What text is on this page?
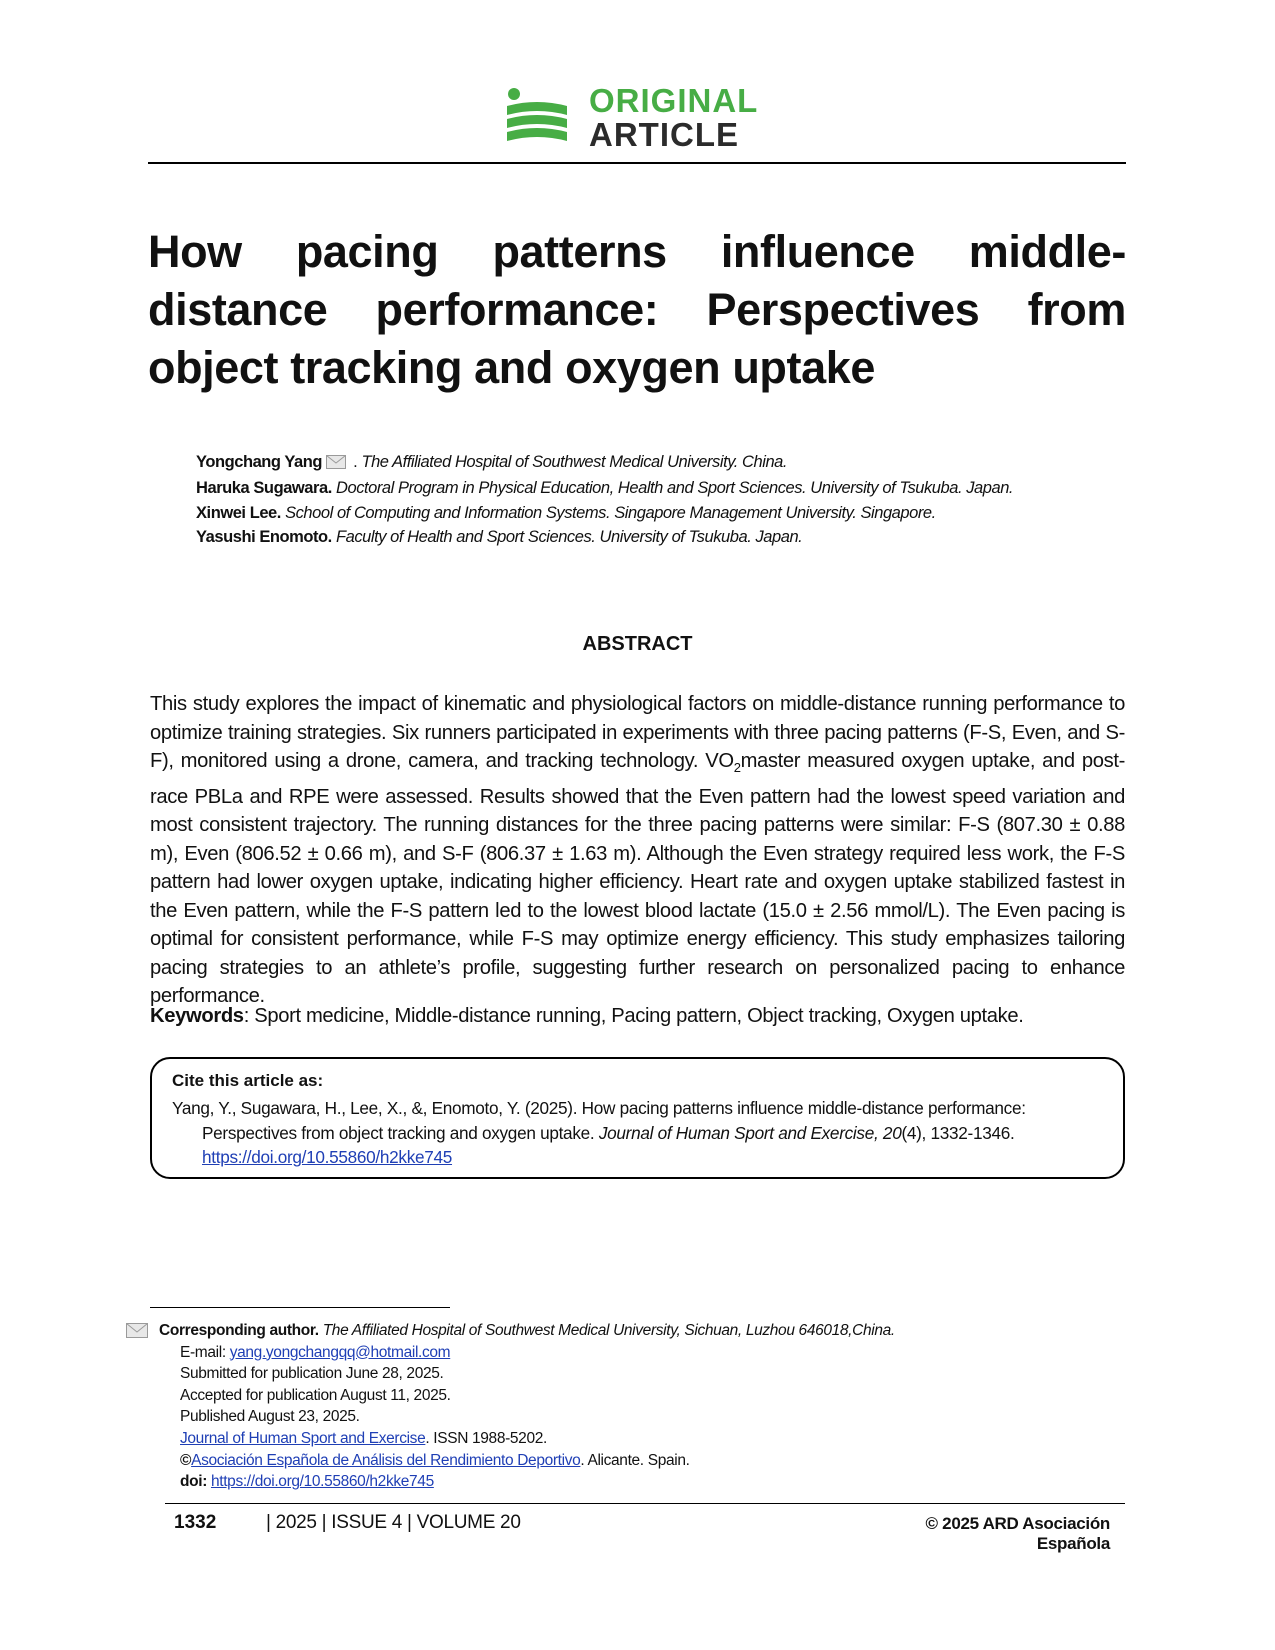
ORIGINAL
ARTICLE
How pacing patterns influence middle-distance performance: Perspectives from object tracking and oxygen uptake
Yongchang Yang . The Affiliated Hospital of Southwest Medical University. China.
Haruka Sugawara. Doctoral Program in Physical Education, Health and Sport Sciences. University of Tsukuba. Japan.
Xinwei Lee. School of Computing and Information Systems. Singapore Management University. Singapore.
Yasushi Enomoto. Faculty of Health and Sport Sciences. University of Tsukuba. Japan.
ABSTRACT
This study explores the impact of kinematic and physiological factors on middle-distance running performance to optimize training strategies. Six runners participated in experiments with three pacing patterns (F-S, Even, and S-F), monitored using a drone, camera, and tracking technology. $VO_2master$ measured oxygen uptake, and post-race PBLa and RPE were assessed. Results showed that the Even pattern had the lowest speed variation and most consistent trajectory. The running distances for the three pacing patterns were similar: F-S (807.30 ± 0.88 m), Even (806.52 ± 0.66 m), and S-F (806.37 ± 1.63 m). Although the Even strategy required less work, the F-S pattern had lower oxygen uptake, indicating higher efficiency. Heart rate and oxygen uptake stabilized fastest in the Even pattern, while the F-S pattern led to the lowest blood lactate (15.0 ± 2.56 mmol/L). The Even pacing is optimal for consistent performance, while F-S may optimize energy efficiency. This study emphasizes tailoring pacing strategies to an athlete’s profile, suggesting further research on personalized pacing to enhance performance.
Keywords: Sport medicine, Middle-distance running, Pacing pattern, Object tracking, Oxygen uptake.
Cite this article as:
Yang, Y., Sugawara, H., Lee, X., &, Enomoto, Y. (2025). How pacing patterns influence middle-distance performance:
Perspectives from object tracking and oxygen uptake. Journal of Human Sport and Exercise, 20(4), 1332-1346.
https://doi.org/10.55860/h2kke745
Corresponding author. The Affiliated Hospital of Southwest Medical University, Sichuan, Luzhou 646018,China.
E-mail: yang.yongchangqq@hotmail.com
Submitted for publication June 28, 2025.
Accepted for publication August 11, 2025.
Published August 23, 2025.
Journal of Human Sport and Exercise. ISSN 1988-5202.
©Asociación Española de Análisis del Rendimiento Deportivo. Alicante. Spain.
doi: https://doi.org/10.55860/h2kke745
1332	| 2025 | ISSUE 4 | VOLUME 20	© 2025 ARD Asociación Española
